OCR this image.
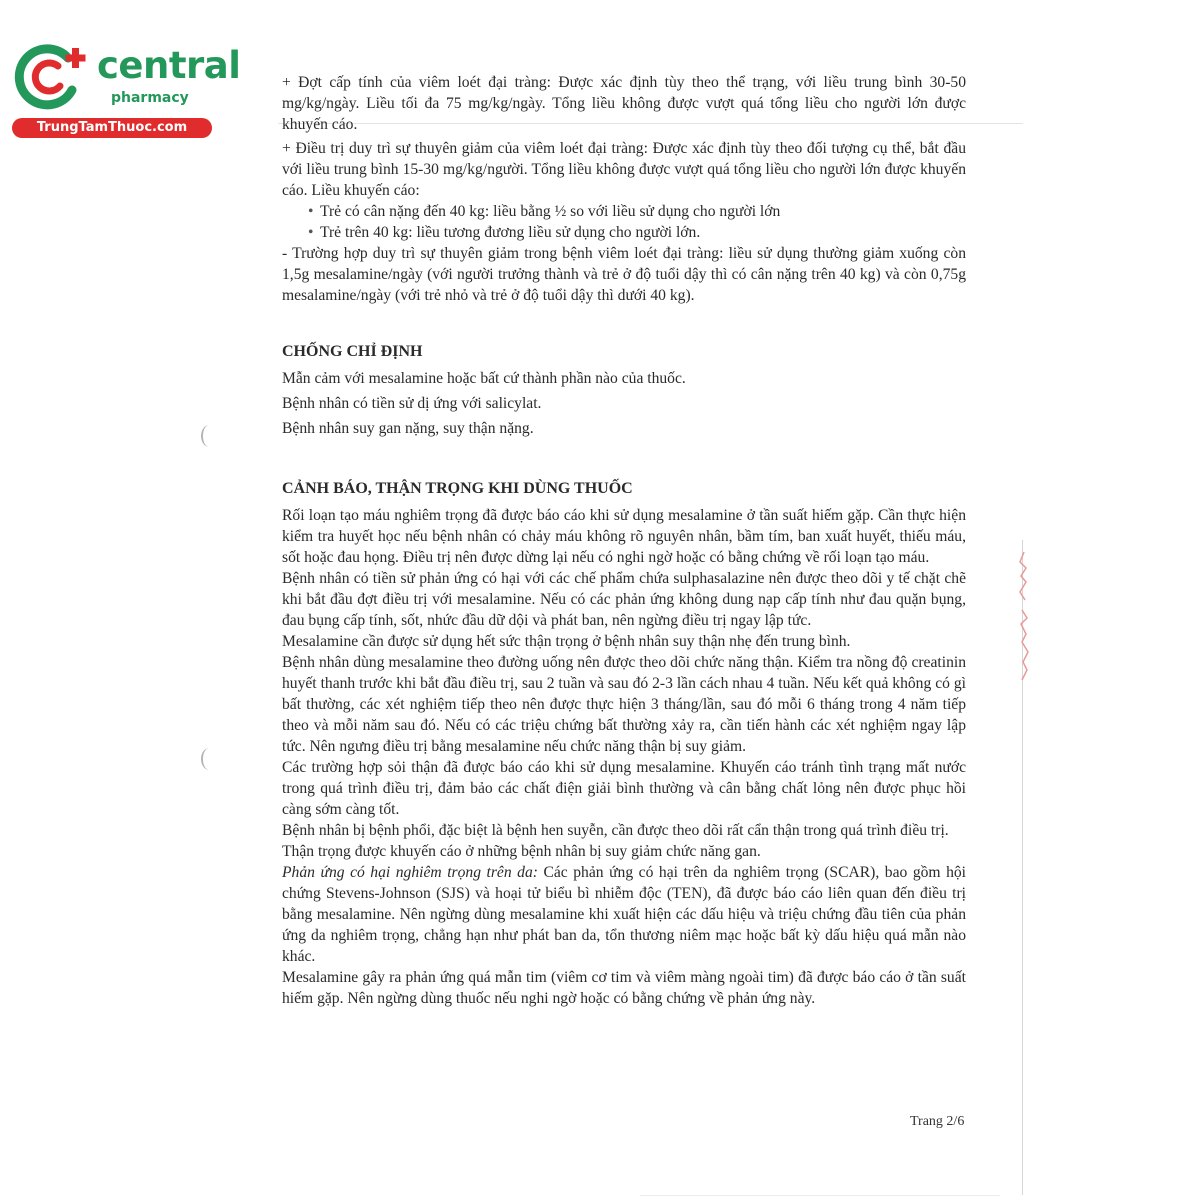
central
pharmacy
TrungTamThuoc.com

+ Đợt cấp tính của viêm loét đại tràng: Được xác định tùy theo thể trạng, với liều trung bình 30-50 mg/kg/ngày. Liều tối đa 75 mg/kg/ngày. Tổng liều không được vượt quá tổng liều cho người lớn được khuyến cáo.

+ Điều trị duy trì sự thuyên giảm của viêm loét đại tràng: Được xác định tùy theo đối tượng cụ thể, bắt đầu với liều trung bình 15-30 mg/kg/người. Tổng liều không được vượt quá tổng liều cho người lớn được khuyến cáo. Liều khuyến cáo:

• Trẻ có cân nặng đến 40 kg: liều bằng ½ so với liều sử dụng cho người lớn

• Trẻ trên 40 kg: liều tương đương liều sử dụng cho người lớn.

- Trường hợp duy trì sự thuyên giảm trong bệnh viêm loét đại tràng: liều sử dụng thường giảm xuống còn 1,5g mesalamine/ngày (với người trưởng thành và trẻ ở độ tuổi dậy thì có cân nặng trên 40 kg) và còn 0,75g mesalamine/ngày (với trẻ nhỏ và trẻ ở độ tuổi dậy thì dưới 40 kg).

CHỐNG CHỈ ĐỊNH

Mẫn cảm với mesalamine hoặc bất cứ thành phần nào của thuốc.

Bệnh nhân có tiền sử dị ứng với salicylat.

Bệnh nhân suy gan nặng, suy thận nặng.

CẢNH BÁO, THẬN TRỌNG KHI DÙNG THUỐC

Rối loạn tạo máu nghiêm trọng đã được báo cáo khi sử dụng mesalamine ở tần suất hiếm gặp. Cần thực hiện kiểm tra huyết học nếu bệnh nhân có chảy máu không rõ nguyên nhân, bầm tím, ban xuất huyết, thiếu máu, sốt hoặc đau họng. Điều trị nên được dừng lại nếu có nghi ngờ hoặc có bằng chứng về rối loạn tạo máu.

Bệnh nhân có tiền sử phản ứng có hại với các chế phẩm chứa sulphasalazine nên được theo dõi y tế chặt chẽ khi bắt đầu đợt điều trị với mesalamine. Nếu có các phản ứng không dung nạp cấp tính như đau quặn bụng, đau bụng cấp tính, sốt, nhức đầu dữ dội và phát ban, nên ngừng điều trị ngay lập tức.

Mesalamine cần được sử dụng hết sức thận trọng ở bệnh nhân suy thận nhẹ đến trung bình.

Bệnh nhân dùng mesalamine theo đường uống nên được theo dõi chức năng thận. Kiểm tra nồng độ creatinin huyết thanh trước khi bắt đầu điều trị, sau 2 tuần và sau đó 2-3 lần cách nhau 4 tuần. Nếu kết quả không có gì bất thường, các xét nghiệm tiếp theo nên được thực hiện 3 tháng/lần, sau đó mỗi 6 tháng trong 4 năm tiếp theo và mỗi năm sau đó. Nếu có các triệu chứng bất thường xảy ra, cần tiến hành các xét nghiệm ngay lập tức. Nên ngưng điều trị bằng mesalamine nếu chức năng thận bị suy giảm.

Các trường hợp sỏi thận đã được báo cáo khi sử dụng mesalamine. Khuyến cáo tránh tình trạng mất nước trong quá trình điều trị, đảm bảo các chất điện giải bình thường và cân bằng chất lỏng nên được phục hồi càng sớm càng tốt.

Bệnh nhân bị bệnh phổi, đặc biệt là bệnh hen suyễn, cần được theo dõi rất cẩn thận trong quá trình điều trị.

Thận trọng được khuyến cáo ở những bệnh nhân bị suy giảm chức năng gan.

Phản ứng có hại nghiêm trọng trên da: Các phản ứng có hại trên da nghiêm trọng (SCAR), bao gồm hội chứng Stevens-Johnson (SJS) và hoại tử biểu bì nhiễm độc (TEN), đã được báo cáo liên quan đến điều trị bằng mesalamine. Nên ngừng dùng mesalamine khi xuất hiện các dấu hiệu và triệu chứng đầu tiên của phản ứng da nghiêm trọng, chẳng hạn như phát ban da, tổn thương niêm mạc hoặc bất kỳ dấu hiệu quá mẫn nào khác.

Mesalamine gây ra phản ứng quá mẫn tim (viêm cơ tim và viêm màng ngoài tim) đã được báo cáo ở tần suất hiếm gặp. Nên ngừng dùng thuốc nếu nghi ngờ hoặc có bằng chứng về phản ứng này.

Trang 2/6
